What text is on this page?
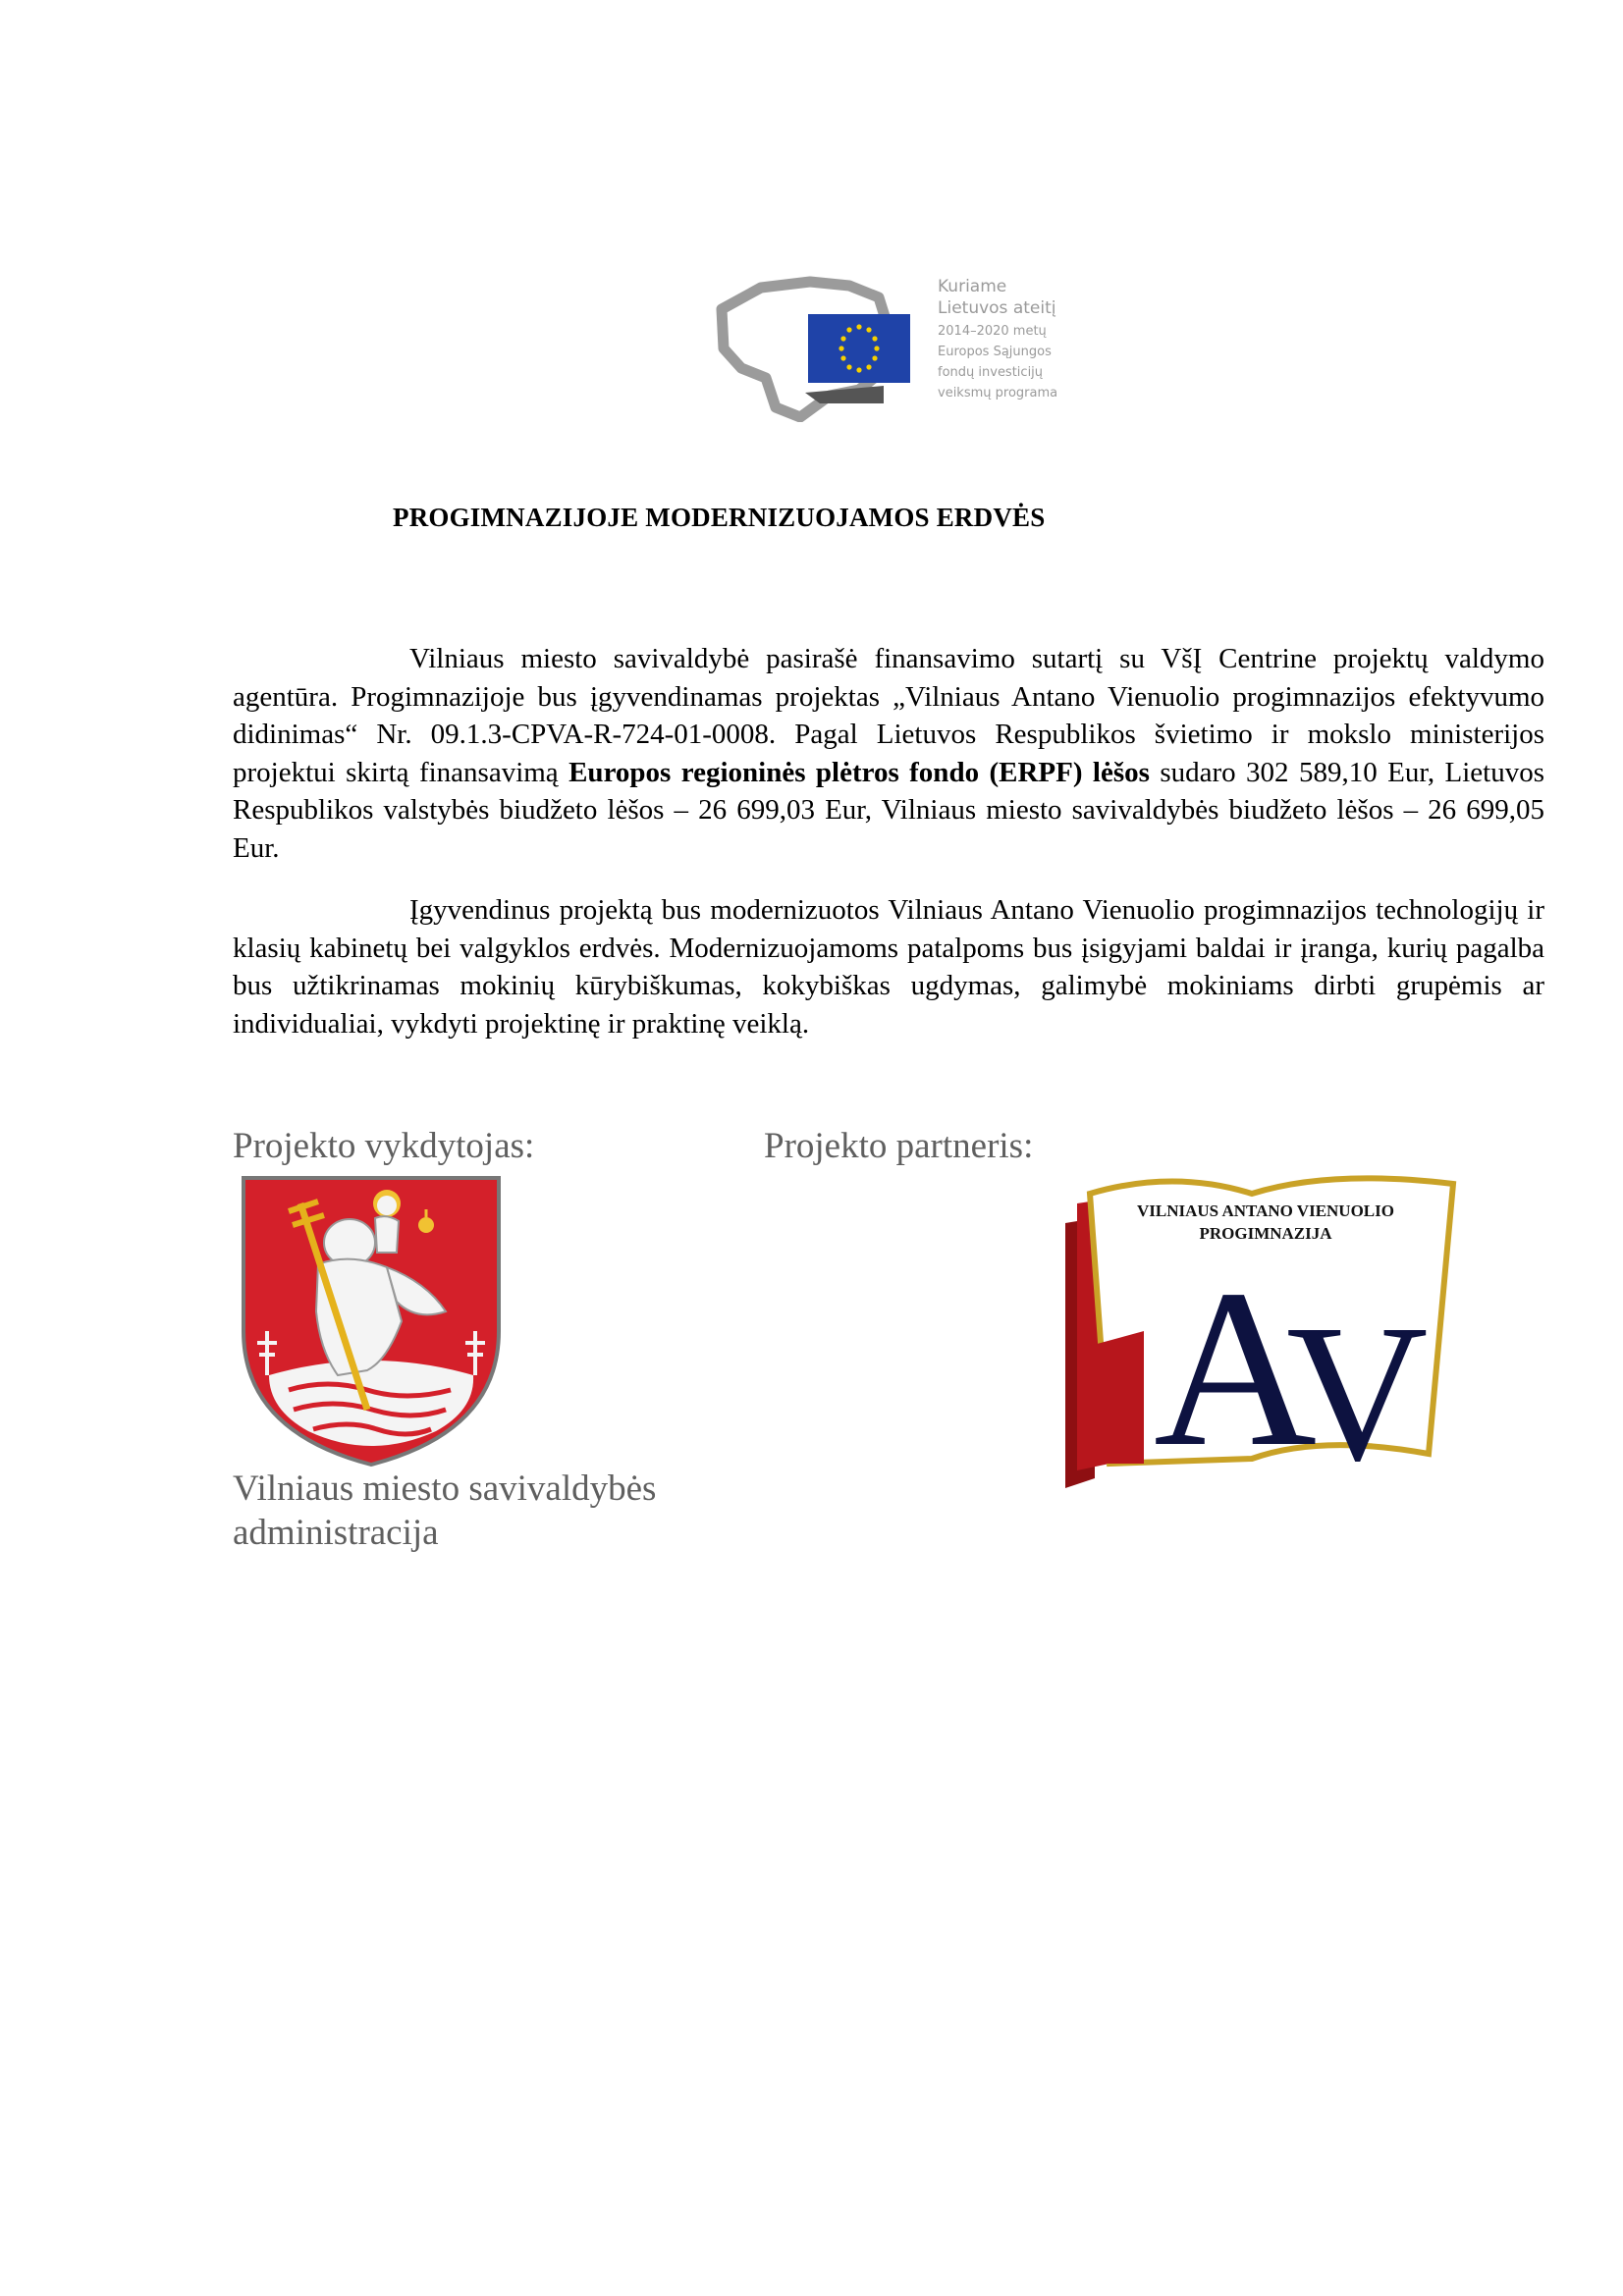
Kuriame
Lietuvos ateitį
2014–2020 metų
Europos Sąjungos
fondų investicijų
veiksmų programa
PROGIMNAZIJOJE MODERNIZUOJAMOS ERDVĖS

Vilniaus miesto savivaldybė pasirašė finansavimo sutartį su VšĮ Centrine projektų valdymo agentūra. Progimnazijoje bus įgyvendinamas projektas „Vilniaus Antano Vienuolio progimnazijos efektyvumo didinimas“ Nr. 09.1.3-CPVA-R-724-01-0008. Pagal Lietuvos Respublikos švietimo ir mokslo ministerijos projektui skirtą finansavimą Europos regioninės plėtros fondo (ERPF) lėšos sudaro 302 589,10 Eur, Lietuvos Respublikos valstybės biudžeto lėšos – 26 699,03 Eur, Vilniaus miesto savivaldybės biudžeto lėšos – 26 699,05 Eur.

Įgyvendinus projektą bus modernizuotos Vilniaus Antano Vienuolio progimnazijos technologijų ir klasių kabinetų bei valgyklos erdvės. Modernizuojamoms patalpoms bus įsigyjami baldai ir įranga, kurių pagalba bus užtikrinamas mokinių kūrybiškumas, kokybiškas ugdymas, galimybė mokiniams dirbti grupėmis ar individualiai, vykdyti projektinę ir praktinę veiklą.

Projekto vykdytojas:	Projekto partneris:

A
V
VILNIAUS ANTANO VIENUOLIO
PROGIMNAZIJA

Vilniaus miesto savivaldybės administracija
